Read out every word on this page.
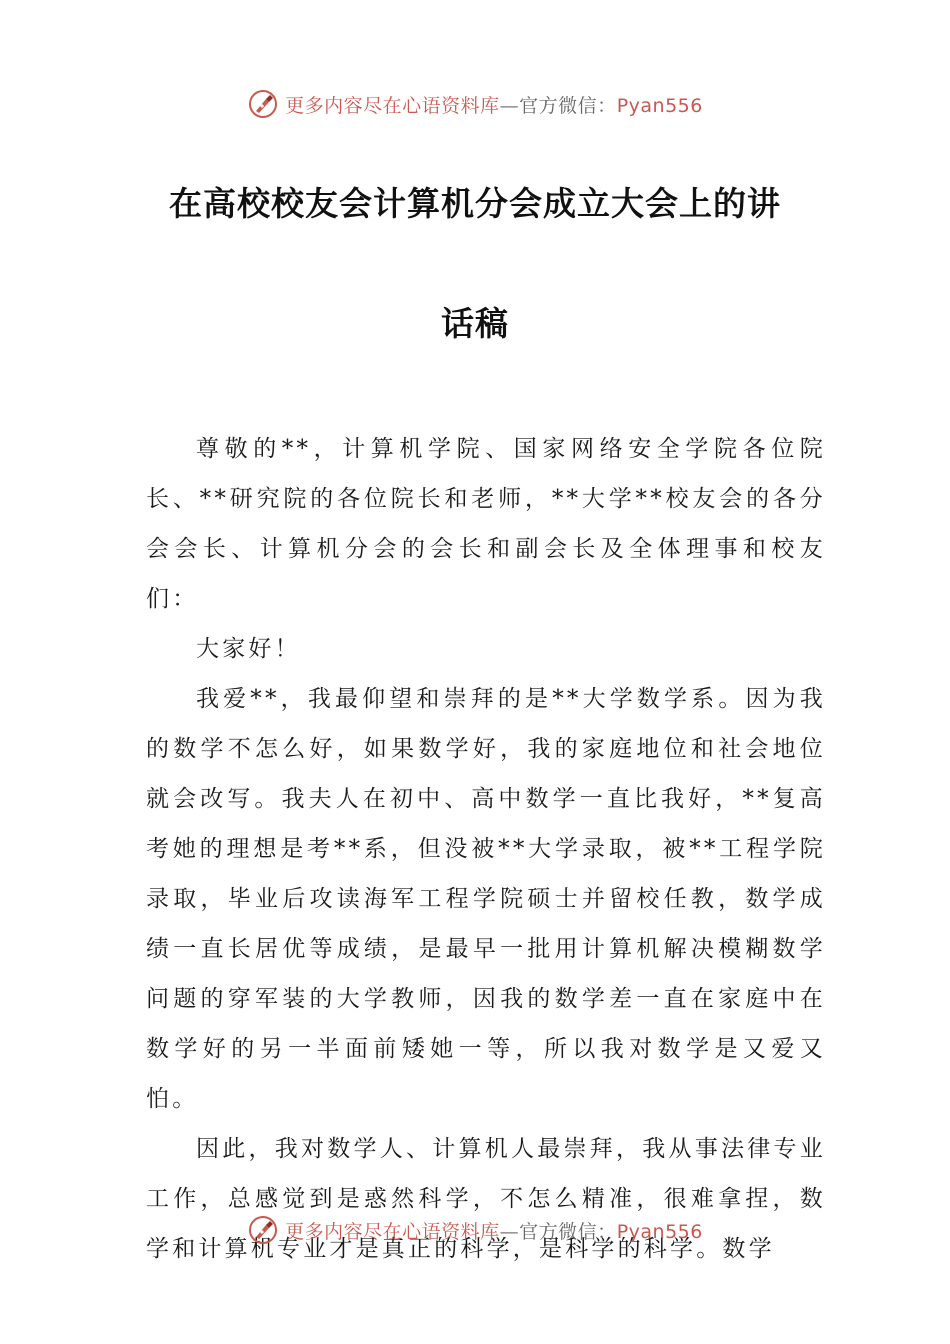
更多内容尽在心语资料库—官方微信：Pyan556
在高校校友会计算机分会成立大会上的讲
话稿

尊敬的**，计算机学院、国家网络安全学院各位院长、**研究院的各位院长和老师，**大学**校友会的各分会会长、计算机分会的会长和副会长及全体理事和校友们：

大家好！

我爱**，我最仰望和崇拜的是**大学数学系。因为我的数学不怎么好，如果数学好，我的家庭地位和社会地位就会改写。我夫人在初中、高中数学一直比我好，**复高考她的理想是考**系，但没被**大学录取，被**工程学院录取，毕业后攻读海军工程学院硕士并留校任教，数学成绩一直长居优等成绩，是最早一批用计算机解决模糊数学问题的穿军装的大学教师，因我的数学差一直在家庭中在数学好的另一半面前矮她一等，所以我对数学是又爱又怕。

因此，我对数学人、计算机人最崇拜，我从事法律专业工作，总感觉到是惑然科学，不怎么精准，很难拿捏，数学和计算机专业才是真正的科学，是科学的科学。数学

更多内容尽在心语资料库—官方微信：Pyan556
